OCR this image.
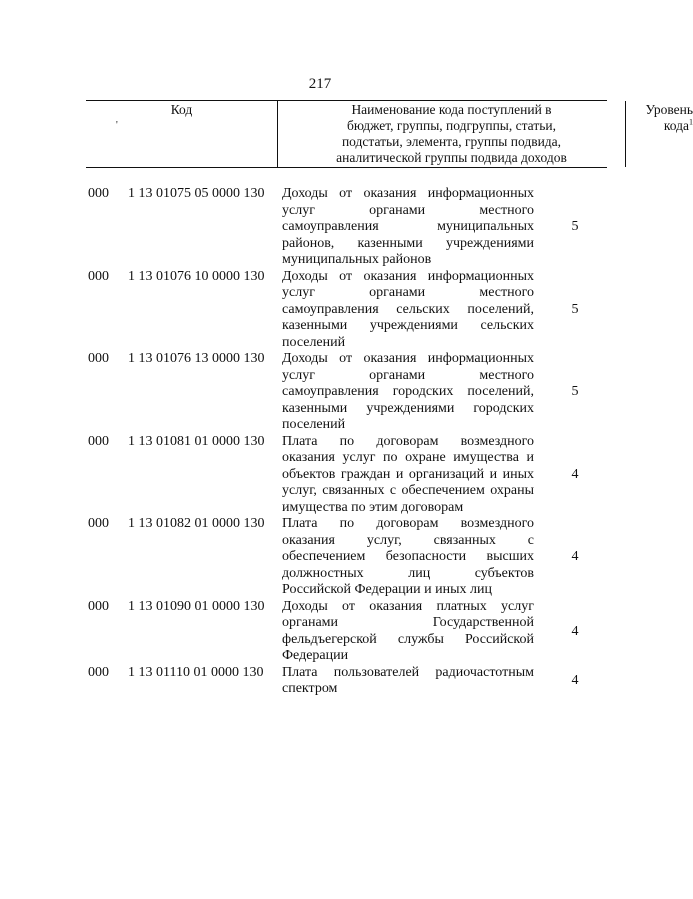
217
Код
'
Наименование кода поступлений в
бюджет, группы, подгруппы, статьи,
подстатьи, элемента, группы подвида,
аналитической группы подвида доходов
Уровень
кода$^1$
000 1 13 01075 05 0000 130 Доходы от оказания информационных
услуг органами местного
самоуправления муниципальных
районов, казенными учреждениями
муниципальных районов
5
000 1 13 01076 10 0000 130 Доходы от оказания информационных
услуг органами местного
самоуправления сельских поселений,
казенными учреждениями сельских
поселений
5
000 1 13 01076 13 0000 130 Доходы от оказания информационных
услуг органами местного
самоуправления городских поселений,
казенными учреждениями городских
поселений
5
000 1 13 01081 01 0000 130 Плата по договорам возмездного
оказания услуг по охране имущества и
объектов граждан и организаций и иных
услуг, связанных с обеспечением охраны
имущества по этим договорам
4
000 1 13 01082 01 0000 130 Плата по договорам возмездного
оказания услуг, связанных с
обеспечением безопасности высших
должностных лиц субъектов
Российской Федерации и иных лиц
4
000 1 13 01090 01 0000 130 Доходы от оказания платных услуг
органами Государственной
фельдъегерской службы Российской
Федерации
4
000 1 13 01110 01 0000 130 Плата пользователей радиочастотным
спектром
4
